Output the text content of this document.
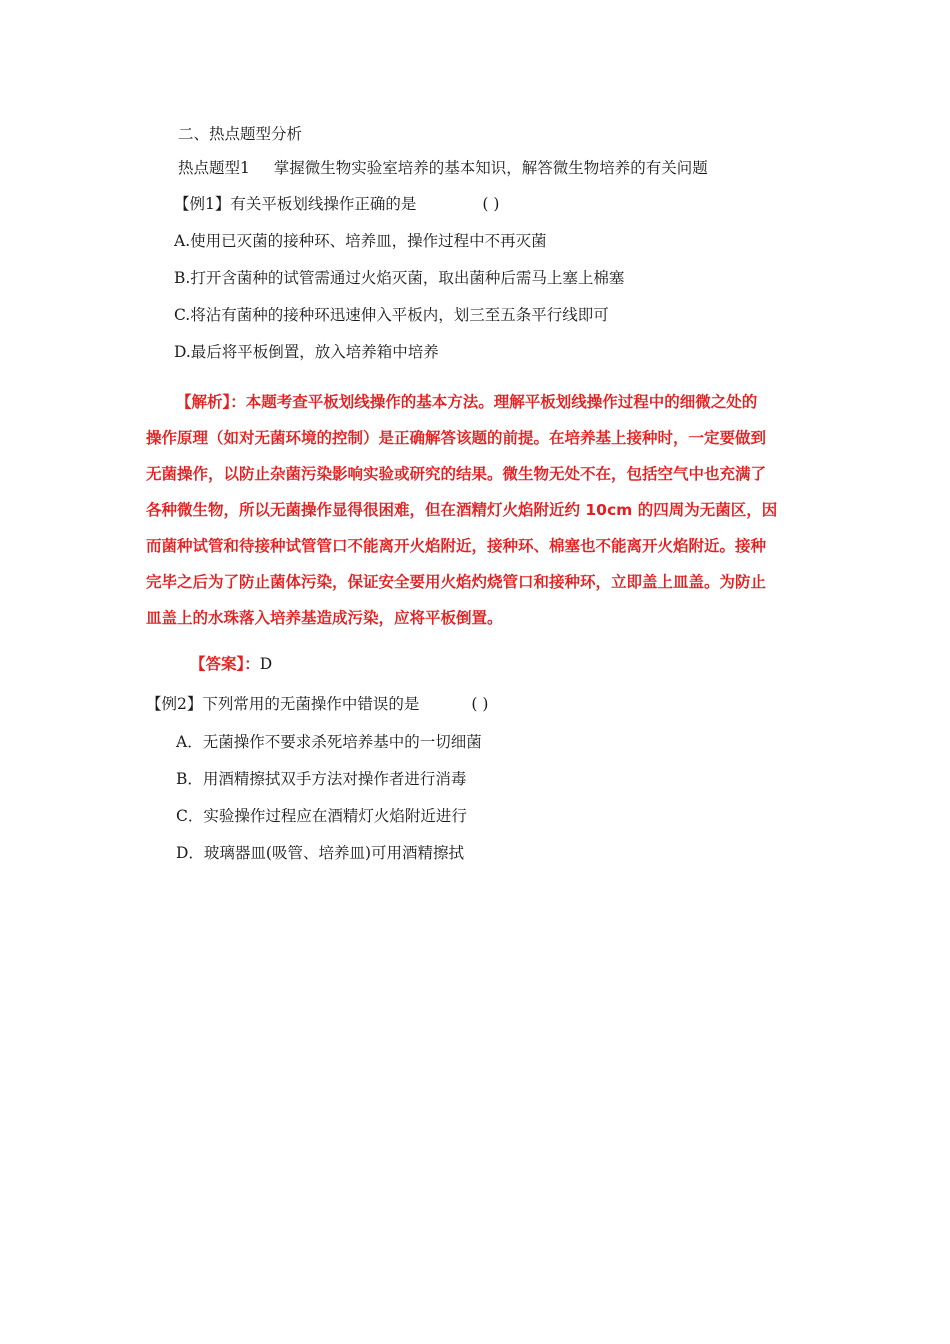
二、热点题型分析
热点题型1 掌握微生物实验室培养的基本知识，解答微生物培养的有关问题
【例1】有关平板划线操作正确的是	( )
A.使用已灭菌的接种环、培养皿，操作过程中不再灭菌
B.打开含菌种的试管需通过火焰灭菌，取出菌种后需马上塞上棉塞
C.将沾有菌种的接种环迅速伸入平板内，划三至五条平行线即可
D.最后将平板倒置，放入培养箱中培养
【解析】：本题考查平板划线操作的基本方法。理解平板划线操作过程中的细微之处的
操作原理（如对无菌环境的控制）是正确解答该题的前提。在培养基上接种时，一定要做到
无菌操作，以防止杂菌污染影响实验或研究的结果。微生物无处不在，包括空气中也充满了
各种微生物，所以无菌操作显得很困难，但在酒精灯火焰附近约 10cm 的四周为无菌区，因
而菌种试管和待接种试管管口不能离开火焰附近，接种环、棉塞也不能离开火焰附近。接种
完毕之后为了防止菌体污染，保证安全要用火焰灼烧管口和接种环，立即盖上皿盖。为防止
皿盖上的水珠落入培养基造成污染，应将平板倒置。
【答案】：D
【例2】下列常用的无菌操作中错误的是	( )
A．无菌操作不要求杀死培养基中的一切细菌
B．用酒精擦拭双手方法对操作者进行消毒
C．实验操作过程应在酒精灯火焰附近进行
D．玻璃器皿(吸管、培养皿)可用酒精擦拭
